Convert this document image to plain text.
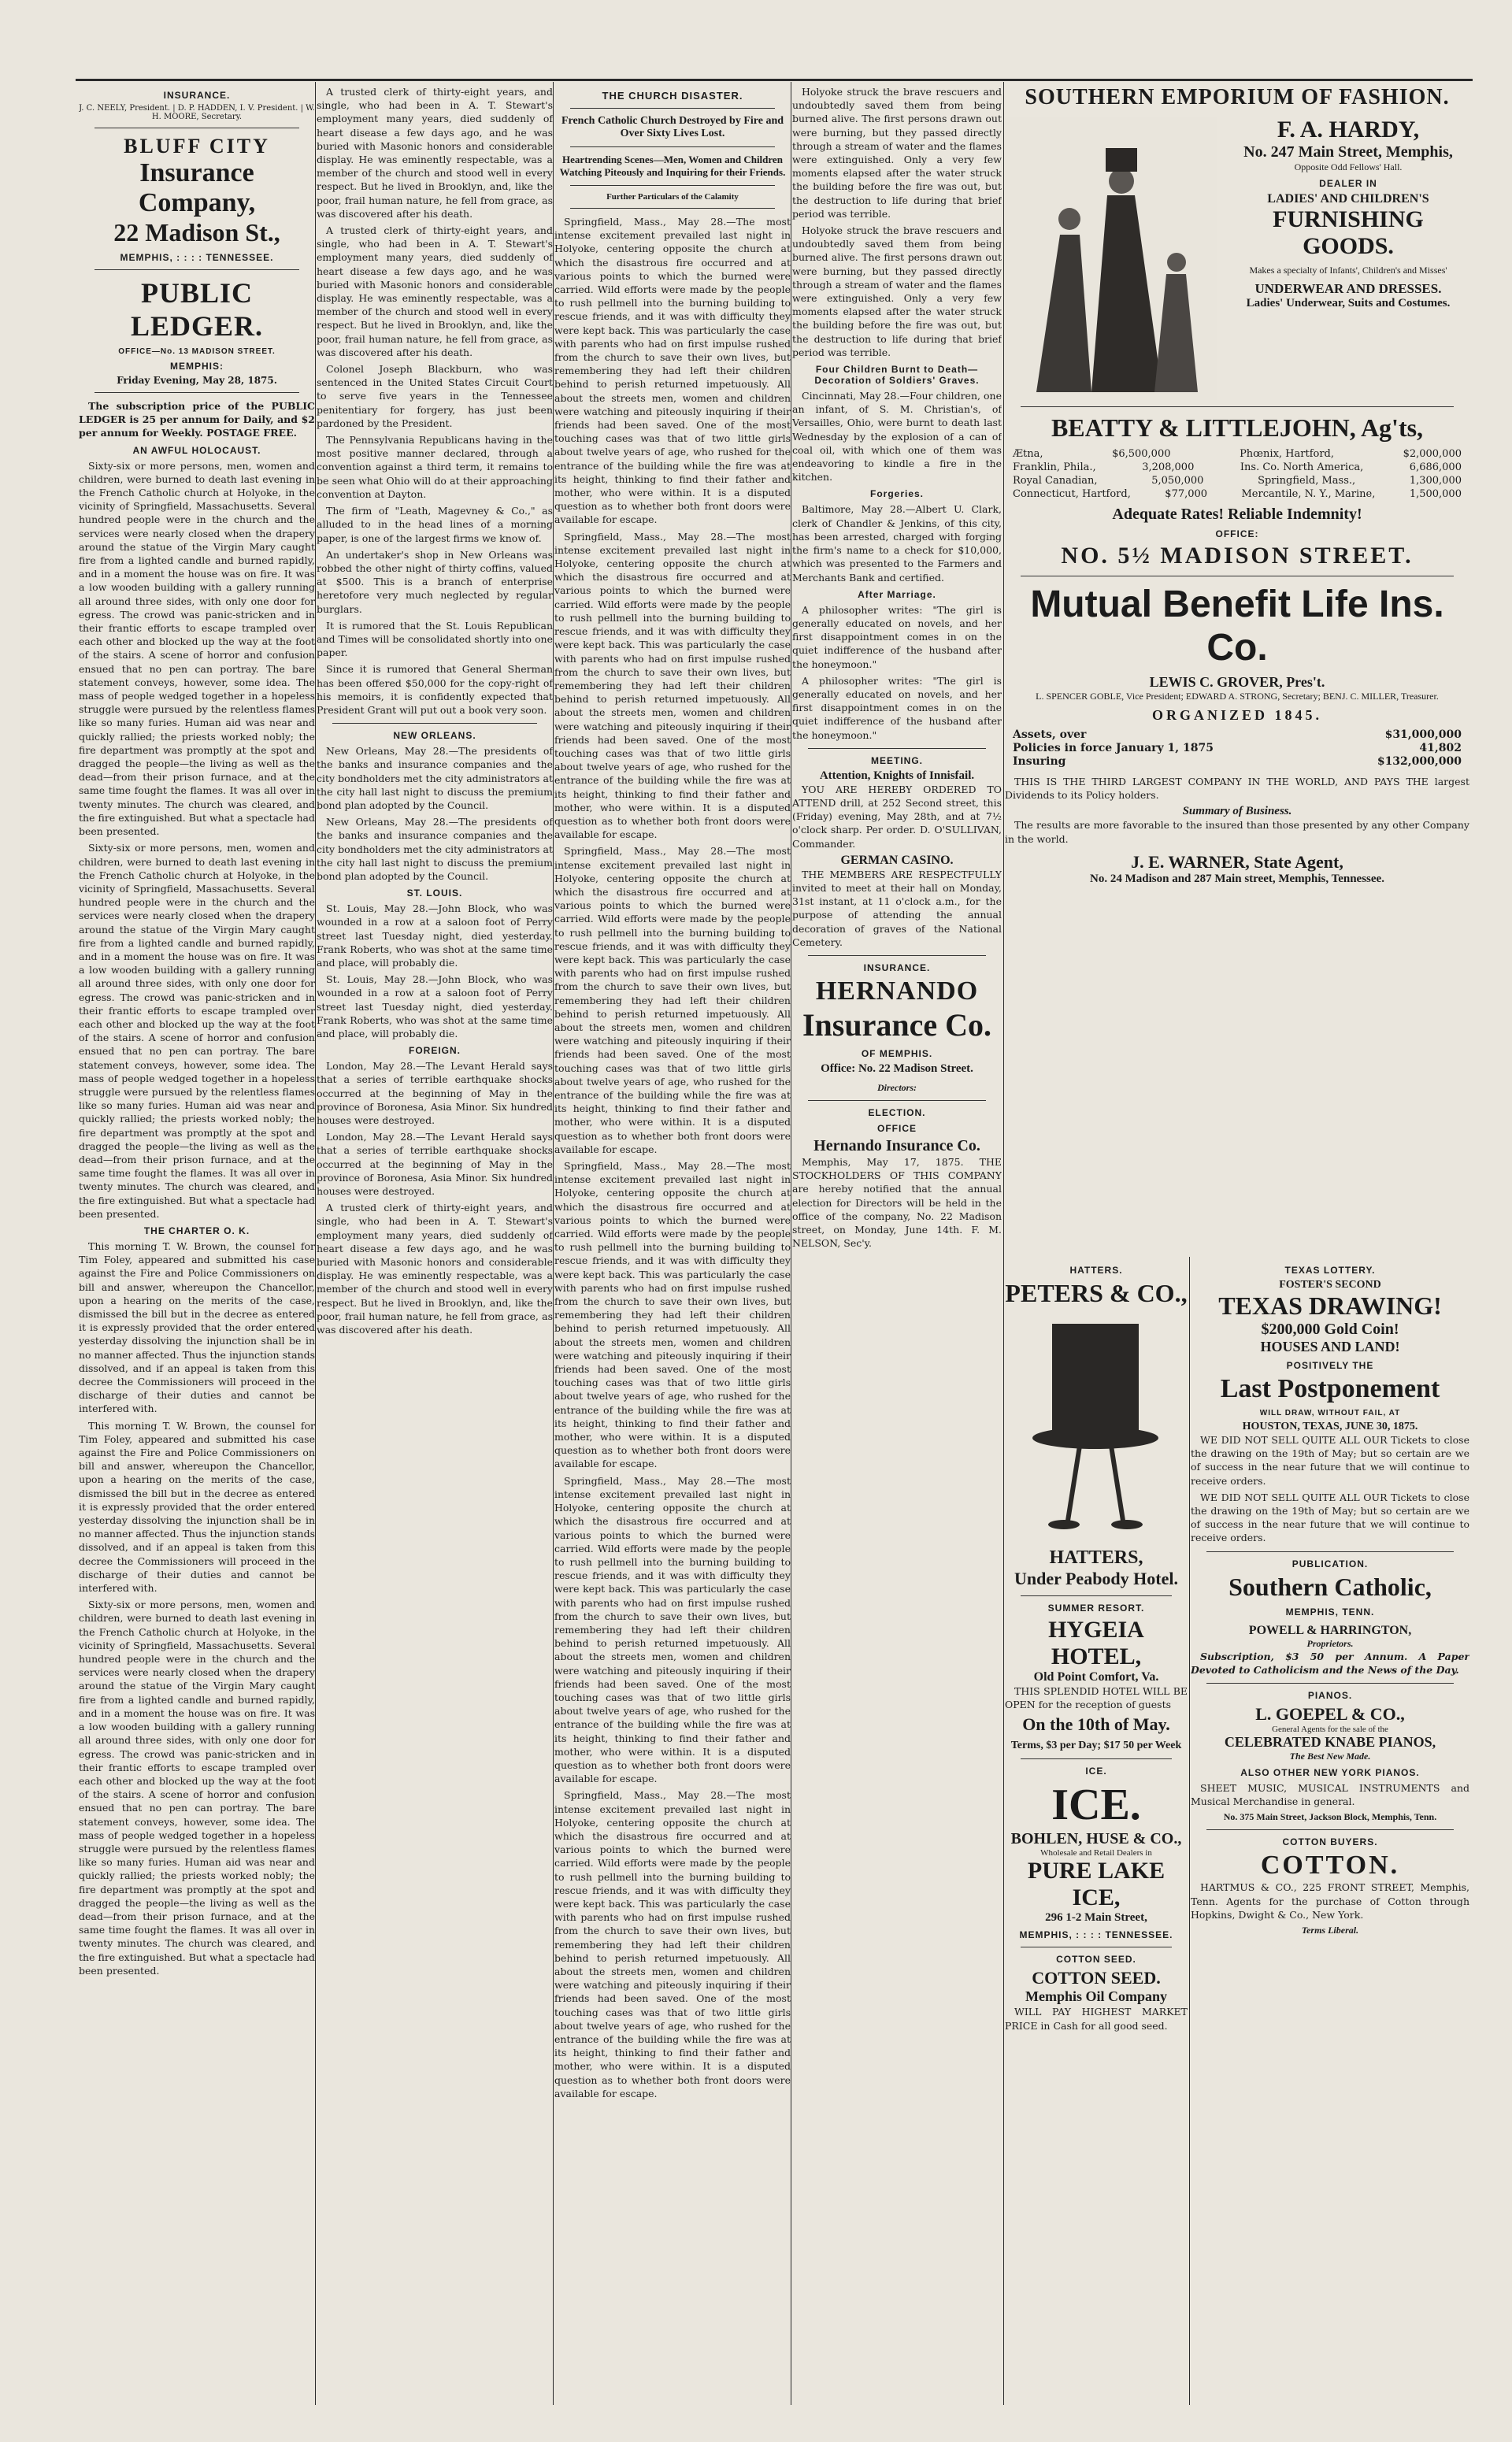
INSURANCE.
J. C. NEELY, President. | D. P. HADDEN, I. V. President. | W. H. MOORE, Secretary.
BLUFF CITY
Insurance Company,
22 Madison St.,
MEMPHIS, : : : : TENNESSEE.
PUBLIC LEDGER.
OFFICE—No. 13 MADISON STREET.
MEMPHIS:
Friday Evening, May 28, 1875.

The subscription price of the PUBLIC LEDGER is 25 per annum for Daily, and $2 per annum for Weekly. POSTAGE FREE.

AN AWFUL HOLOCAUST.

Sixty-six or more persons, men, women and children, were burned to death last evening in the French Catholic church at Holyoke, in the vicinity of Springfield, Massachusetts. Several hundred people were in the church and the services were nearly closed when the drapery around the statue of the Virgin Mary caught fire from a lighted candle and burned rapidly, and in a moment the house was on fire. It was a low wooden building with a gallery running all around three sides, with only one door for egress. The crowd was panic-stricken and in their frantic efforts to escape trampled over each other and blocked up the way at the foot of the stairs. A scene of horror and confusion ensued that no pen can portray. The bare statement conveys, however, some idea. The mass of people wedged together in a hopeless struggle were pursued by the relentless flames like so many furies. Human aid was near and quickly rallied; the priests worked nobly; the fire department was promptly at the spot and dragged the people—the living as well as the dead—from their prison furnace, and at the same time fought the flames. It was all over in twenty minutes. The church was cleared, and the fire extinguished. But what a spectacle had been presented.

Sixty-six or more persons, men, women and children, were burned to death last evening in the French Catholic church at Holyoke, in the vicinity of Springfield, Massachusetts. Several hundred people were in the church and the services were nearly closed when the drapery around the statue of the Virgin Mary caught fire from a lighted candle and burned rapidly, and in a moment the house was on fire. It was a low wooden building with a gallery running all around three sides, with only one door for egress. The crowd was panic-stricken and in their frantic efforts to escape trampled over each other and blocked up the way at the foot of the stairs. A scene of horror and confusion ensued that no pen can portray. The bare statement conveys, however, some idea. The mass of people wedged together in a hopeless struggle were pursued by the relentless flames like so many furies. Human aid was near and quickly rallied; the priests worked nobly; the fire department was promptly at the spot and dragged the people—the living as well as the dead—from their prison furnace, and at the same time fought the flames. It was all over in twenty minutes. The church was cleared, and the fire extinguished. But what a spectacle had been presented.

THE CHARTER O. K.

This morning T. W. Brown, the counsel for Tim Foley, appeared and submitted his case against the Fire and Police Commissioners on bill and answer, whereupon the Chancellor, upon a hearing on the merits of the case, dismissed the bill but in the decree as entered it is expressly provided that the order entered yesterday dissolving the injunction shall be in no manner affected. Thus the injunction stands dissolved, and if an appeal is taken from this decree the Commissioners will proceed in the discharge of their duties and cannot be interfered with.

This morning T. W. Brown, the counsel for Tim Foley, appeared and submitted his case against the Fire and Police Commissioners on bill and answer, whereupon the Chancellor, upon a hearing on the merits of the case, dismissed the bill but in the decree as entered it is expressly provided that the order entered yesterday dissolving the injunction shall be in no manner affected. Thus the injunction stands dissolved, and if an appeal is taken from this decree the Commissioners will proceed in the discharge of their duties and cannot be interfered with.

Sixty-six or more persons, men, women and children, were burned to death last evening in the French Catholic church at Holyoke, in the vicinity of Springfield, Massachusetts. Several hundred people were in the church and the services were nearly closed when the drapery around the statue of the Virgin Mary caught fire from a lighted candle and burned rapidly, and in a moment the house was on fire. It was a low wooden building with a gallery running all around three sides, with only one door for egress. The crowd was panic-stricken and in their frantic efforts to escape trampled over each other and blocked up the way at the foot of the stairs. A scene of horror and confusion ensued that no pen can portray. The bare statement conveys, however, some idea. The mass of people wedged together in a hopeless struggle were pursued by the relentless flames like so many furies. Human aid was near and quickly rallied; the priests worked nobly; the fire department was promptly at the spot and dragged the people—the living as well as the dead—from their prison furnace, and at the same time fought the flames. It was all over in twenty minutes. The church was cleared, and the fire extinguished. But what a spectacle had been presented.

A trusted clerk of thirty-eight years, and single, who had been in A. T. Stewart's employment many years, died suddenly of heart disease a few days ago, and he was buried with Masonic honors and considerable display. He was eminently respectable, was a member of the church and stood well in every respect. But he lived in Brooklyn, and, like the poor, frail human nature, he fell from grace, as was discovered after his death.

A trusted clerk of thirty-eight years, and single, who had been in A. T. Stewart's employment many years, died suddenly of heart disease a few days ago, and he was buried with Masonic honors and considerable display. He was eminently respectable, was a member of the church and stood well in every respect. But he lived in Brooklyn, and, like the poor, frail human nature, he fell from grace, as was discovered after his death.

Colonel Joseph Blackburn, who was sentenced in the United States Circuit Court to serve five years in the Tennessee penitentiary for forgery, has just been pardoned by the President.

The Pennsylvania Republicans having in the most positive manner declared, through a convention against a third term, it remains to be seen what Ohio will do at their approaching convention at Dayton.

The firm of "Leath, Magevney & Co.," as alluded to in the head lines of a morning paper, is one of the largest firms we know of.

An undertaker's shop in New Orleans was robbed the other night of thirty coffins, valued at $500. This is a branch of enterprise heretofore very much neglected by regular burglars.

It is rumored that the St. Louis Republican and Times will be consolidated shortly into one paper.

Since it is rumored that General Sherman has been offered $50,000 for the copy-right of his memoirs, it is confidently expected that President Grant will put out a book very soon.

NEW ORLEANS.

New Orleans, May 28.—The presidents of the banks and insurance companies and the city bondholders met the city administrators at the city hall last night to discuss the premium bond plan adopted by the Council.

New Orleans, May 28.—The presidents of the banks and insurance companies and the city bondholders met the city administrators at the city hall last night to discuss the premium bond plan adopted by the Council.

ST. LOUIS.

St. Louis, May 28.—John Block, who was wounded in a row at a saloon foot of Perry street last Tuesday night, died yesterday. Frank Roberts, who was shot at the same time and place, will probably die.

St. Louis, May 28.—John Block, who was wounded in a row at a saloon foot of Perry street last Tuesday night, died yesterday. Frank Roberts, who was shot at the same time and place, will probably die.

FOREIGN.

London, May 28.—The Levant Herald says that a series of terrible earthquake shocks occurred at the beginning of May in the province of Boronesa, Asia Minor. Six hundred houses were destroyed.

London, May 28.—The Levant Herald says that a series of terrible earthquake shocks occurred at the beginning of May in the province of Boronesa, Asia Minor. Six hundred houses were destroyed.

A trusted clerk of thirty-eight years, and single, who had been in A. T. Stewart's employment many years, died suddenly of heart disease a few days ago, and he was buried with Masonic honors and considerable display. He was eminently respectable, was a member of the church and stood well in every respect. But he lived in Brooklyn, and, like the poor, frail human nature, he fell from grace, as was discovered after his death.

THE CHURCH DISASTER.
French Catholic Church Destroyed by Fire and Over Sixty Lives Lost.
Heartrending Scenes—Men, Women and Children Watching Piteously and Inquiring for their Friends.
Further Particulars of the Calamity

Springfield, Mass., May 28.—The most intense excitement prevailed last night in Holyoke, centering opposite the church at which the disastrous fire occurred and at various points to which the burned were carried. Wild efforts were made by the people to rush pellmell into the burning building to rescue friends, and it was with difficulty they were kept back. This was particularly the case with parents who had on first impulse rushed from the church to save their own lives, but remembering they had left their children behind to perish returned impetuously. All about the streets men, women and children were watching and piteously inquiring if their friends had been saved. One of the most touching cases was that of two little girls about twelve years of age, who rushed for the entrance of the building while the fire was at its height, thinking to find their father and mother, who were within. It is a disputed question as to whether both front doors were available for escape.

Springfield, Mass., May 28.—The most intense excitement prevailed last night in Holyoke, centering opposite the church at which the disastrous fire occurred and at various points to which the burned were carried. Wild efforts were made by the people to rush pellmell into the burning building to rescue friends, and it was with difficulty they were kept back. This was particularly the case with parents who had on first impulse rushed from the church to save their own lives, but remembering they had left their children behind to perish returned impetuously. All about the streets men, women and children were watching and piteously inquiring if their friends had been saved. One of the most touching cases was that of two little girls about twelve years of age, who rushed for the entrance of the building while the fire was at its height, thinking to find their father and mother, who were within. It is a disputed question as to whether both front doors were available for escape.

Springfield, Mass., May 28.—The most intense excitement prevailed last night in Holyoke, centering opposite the church at which the disastrous fire occurred and at various points to which the burned were carried. Wild efforts were made by the people to rush pellmell into the burning building to rescue friends, and it was with difficulty they were kept back. This was particularly the case with parents who had on first impulse rushed from the church to save their own lives, but remembering they had left their children behind to perish returned impetuously. All about the streets men, women and children were watching and piteously inquiring if their friends had been saved. One of the most touching cases was that of two little girls about twelve years of age, who rushed for the entrance of the building while the fire was at its height, thinking to find their father and mother, who were within. It is a disputed question as to whether both front doors were available for escape.

Springfield, Mass., May 28.—The most intense excitement prevailed last night in Holyoke, centering opposite the church at which the disastrous fire occurred and at various points to which the burned were carried. Wild efforts were made by the people to rush pellmell into the burning building to rescue friends, and it was with difficulty they were kept back. This was particularly the case with parents who had on first impulse rushed from the church to save their own lives, but remembering they had left their children behind to perish returned impetuously. All about the streets men, women and children were watching and piteously inquiring if their friends had been saved. One of the most touching cases was that of two little girls about twelve years of age, who rushed for the entrance of the building while the fire was at its height, thinking to find their father and mother, who were within. It is a disputed question as to whether both front doors were available for escape.

Springfield, Mass., May 28.—The most intense excitement prevailed last night in Holyoke, centering opposite the church at which the disastrous fire occurred and at various points to which the burned were carried. Wild efforts were made by the people to rush pellmell into the burning building to rescue friends, and it was with difficulty they were kept back. This was particularly the case with parents who had on first impulse rushed from the church to save their own lives, but remembering they had left their children behind to perish returned impetuously. All about the streets men, women and children were watching and piteously inquiring if their friends had been saved. One of the most touching cases was that of two little girls about twelve years of age, who rushed for the entrance of the building while the fire was at its height, thinking to find their father and mother, who were within. It is a disputed question as to whether both front doors were available for escape.

Springfield, Mass., May 28.—The most intense excitement prevailed last night in Holyoke, centering opposite the church at which the disastrous fire occurred and at various points to which the burned were carried. Wild efforts were made by the people to rush pellmell into the burning building to rescue friends, and it was with difficulty they were kept back. This was particularly the case with parents who had on first impulse rushed from the church to save their own lives, but remembering they had left their children behind to perish returned impetuously. All about the streets men, women and children were watching and piteously inquiring if their friends had been saved. One of the most touching cases was that of two little girls about twelve years of age, who rushed for the entrance of the building while the fire was at its height, thinking to find their father and mother, who were within. It is a disputed question as to whether both front doors were available for escape.

Holyoke struck the brave rescuers and undoubtedly saved them from being burned alive. The first persons drawn out were burning, but they passed directly through a stream of water and the flames were extinguished. Only a very few moments elapsed after the water struck the building before the fire was out, but the destruction to life during that brief period was terrible.

Holyoke struck the brave rescuers and undoubtedly saved them from being burned alive. The first persons drawn out were burning, but they passed directly through a stream of water and the flames were extinguished. Only a very few moments elapsed after the water struck the building before the fire was out, but the destruction to life during that brief period was terrible.

Four Children Burnt to Death—Decoration of Soldiers' Graves.

Cincinnati, May 28.—Four children, one an infant, of S. M. Christian's, of Versailles, Ohio, were burnt to death last Wednesday by the explosion of a can of coal oil, with which one of them was endeavoring to kindle a fire in the kitchen.

Forgeries.

Baltimore, May 28.—Albert U. Clark, clerk of Chandler & Jenkins, of this city, has been arrested, charged with forging the firm's name to a check for $10,000, which was presented to the Farmers and Merchants Bank and certified.

After Marriage.

A philosopher writes: "The girl is generally educated on novels, and her first disappointment comes in on the quiet indifference of the husband after the honeymoon."

A philosopher writes: "The girl is generally educated on novels, and her first disappointment comes in on the quiet indifference of the husband after the honeymoon."

MEETING.
Attention, Knights of Innisfail.

YOU ARE HEREBY ORDERED TO ATTEND drill, at 252 Second street, this (Friday) evening, May 28th, and at 7½ o'clock sharp. Per order. D. O'SULLIVAN, Commander.

GERMAN CASINO.

THE MEMBERS ARE RESPECTFULLY invited to meet at their hall on Monday, 31st instant, at 11 o'clock a.m., for the purpose of attending the annual decoration of graves of the National Cemetery.

INSURANCE.
HERNANDO
Insurance Co.
OF MEMPHIS.
Office: No. 22 Madison Street.
Directors:
ELECTION.
OFFICE
Hernando Insurance Co.

Memphis, May 17, 1875. THE STOCKHOLDERS OF THIS COMPANY are hereby notified that the annual election for Directors will be held in the office of the company, No. 22 Madison street, on Monday, June 14th. F. M. NELSON, Sec'y.

SOUTHERN EMPORIUM OF FASHION.
F. A. HARDY,
No. 247 Main Street, Memphis,
Opposite Odd Fellows' Hall.
DEALER IN
LADIES' AND CHILDREN'S
FURNISHING GOODS.
Makes a specialty of Infants', Children's and Misses'
UNDERWEAR AND DRESSES.
Ladies' Underwear, Suits and Costumes.
BEATTY & LITTLEJOHN, Ag'ts,
Ætna,	$6,500,000	Phœnix, Hartford,	$2,000,000
Franklin, Phila.,	3,208,000	Ins. Co. North America,	6,686,000
Royal Canadian,	5,050,000	Springfield, Mass.,	1,300,000
Connecticut, Hartford,	$77,000	Mercantile, N. Y., Marine,	1,500,000
Adequate Rates! Reliable Indemnity!
OFFICE:
NO. 5½ MADISON STREET.
Mutual Benefit Life Ins. Co.
LEWIS C. GROVER, Pres't.
L. SPENCER GOBLE, Vice President; EDWARD A. STRONG, Secretary; BENJ. C. MILLER, Treasurer.
ORGANIZED 1845.
Assets, over	$31,000,000
Policies in force January 1, 1875	41,802
Insuring	$132,000,000

THIS IS THE THIRD LARGEST COMPANY IN THE WORLD, AND PAYS THE largest Dividends to its Policy holders.

Summary of Business.

The results are more favorable to the insured than those presented by any other Company in the world.

J. E. WARNER, State Agent,
No. 24 Madison and 287 Main street, Memphis, Tennessee.
HATTERS.
PETERS & CO.,
HATTERS,
Under Peabody Hotel.
SUMMER RESORT.
HYGEIA HOTEL,
Old Point Comfort, Va.

THIS SPLENDID HOTEL WILL BE OPEN for the reception of guests

On the 10th of May.
Terms, $3 per Day; $17 50 per Week
ICE.
ICE.
BOHLEN, HUSE & CO.,
Wholesale and Retail Dealers in
PURE LAKE ICE,
296 1-2 Main Street,
MEMPHIS, : : : : TENNESSEE.
COTTON SEED.
COTTON SEED.
Memphis Oil Company

WILL PAY HIGHEST MARKET PRICE in Cash for all good seed.

TEXAS LOTTERY.
FOSTER'S SECOND
TEXAS DRAWING!
$200,000 Gold Coin!
HOUSES AND LAND!
POSITIVELY THE
Last Postponement
WILL DRAW, WITHOUT FAIL, AT
HOUSTON, TEXAS, JUNE 30, 1875.

WE DID NOT SELL QUITE ALL OUR Tickets to close the drawing on the 19th of May; but so certain are we of success in the near future that we will continue to receive orders.

WE DID NOT SELL QUITE ALL OUR Tickets to close the drawing on the 19th of May; but so certain are we of success in the near future that we will continue to receive orders.

PUBLICATION.
Southern Catholic,
MEMPHIS, TENN.
POWELL & HARRINGTON,
Proprietors.

Subscription, $3 50 per Annum. A Paper Devoted to Catholicism and the News of the Day.

PIANOS.
L. GOEPEL & CO.,
General Agents for the sale of the
CELEBRATED KNABE PIANOS,
The Best New Made.
ALSO OTHER NEW YORK PIANOS.

SHEET MUSIC, MUSICAL INSTRUMENTS and Musical Merchandise in general.

No. 375 Main Street, Jackson Block, Memphis, Tenn.
COTTON BUYERS.
COTTON.

HARTMUS & CO., 225 FRONT STREET, Memphis, Tenn. Agents for the purchase of Cotton through Hopkins, Dwight & Co., New York.

Terms Liberal.
